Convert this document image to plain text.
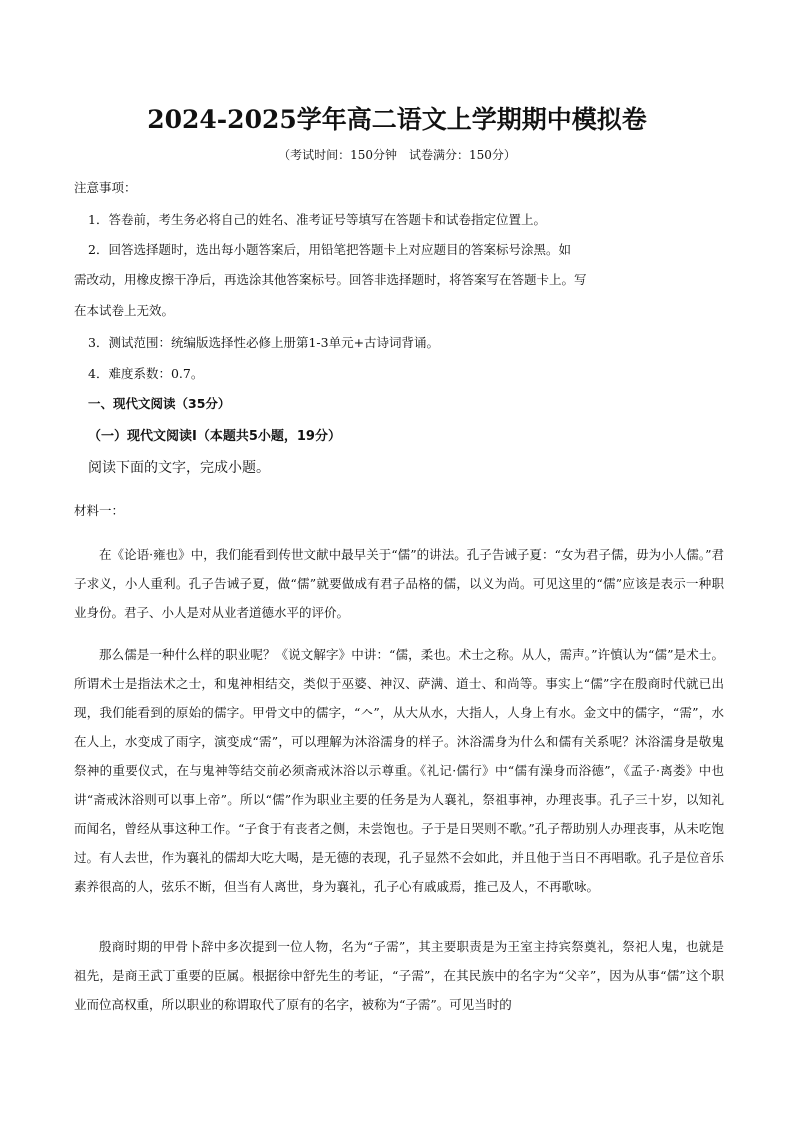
2024-2025学年高二语文上学期期中模拟卷
（考试时间：150分钟　试卷满分：150分）
注意事项：
1．答卷前，考生务必将自己的姓名、准考证号等填写在答题卡和试卷指定位置上。
2．回答选择题时，选出每小题答案后，用铅笔把答题卡上对应题目的答案标号涂黑。如
需改动，用橡皮擦干净后，再选涂其他答案标号。回答非选择题时，将答案写在答题卡上。写
在本试卷上无效。
3．测试范围：统编版选择性必修上册第1-3单元+古诗词背诵。
4．难度系数：0.7。
一、现代文阅读（35分）
（一）现代文阅读Ⅰ（本题共5小题，19分）
阅读下面的文字，完成小题。
材料一：

在《论语·雍也》中，我们能看到传世文献中最早关于“儒”的讲法。孔子告诫子夏：“女为君子儒，毋为小人儒。”君子求义，小人重利。孔子告诫子夏，做“儒”就要做成有君子品格的儒，以义为尚。可见这里的“儒”应该是表示一种职业身份。君子、小人是对从业者道德水平的评价。

那么儒是一种什么样的职业呢？《说文解字》中讲：“儒，柔也。术士之称。从人，需声。”许慎认为“儒”是术士。所谓术士是指法术之士，和鬼神相结交，类似于巫婆、神汉、萨满、道士、和尚等。事实上“儒”字在殷商时代就已出现，我们能看到的原始的儒字。甲骨文中的儒字，“𠆢”，从大从水，大指人，人身上有水。金文中的儒字，“需”，水在人上，水变成了雨字，演变成“需”，可以理解为沐浴濡身的样子。沐浴濡身为什么和儒有关系呢？沐浴濡身是敬鬼祭神的重要仪式，在与鬼神等结交前必须斋戒沐浴以示尊重。《礼记·儒行》中“儒有澡身而浴德”，《孟子·离娄》中也讲“斋戒沐浴则可以事上帝”。所以“儒”作为职业主要的任务是为人襄礼，祭祖事神，办理丧事。孔子三十岁，以知礼而闻名，曾经从事这种工作。“子食于有丧者之侧，未尝饱也。子于是日哭则不歌。”孔子帮助别人办理丧事，从未吃饱过。有人去世，作为襄礼的儒却大吃大喝，是无德的表现，孔子显然不会如此，并且他于当日不再唱歌。孔子是位音乐素养很高的人，弦乐不断，但当有人离世，身为襄礼，孔子心有戚戚焉，推己及人，不再歌咏。

殷商时期的甲骨卜辞中多次提到一位人物，名为“子需”，其主要职责是为王室主持宾祭奠礼，祭祀人鬼，也就是祖先，是商王武丁重要的臣属。根据徐中舒先生的考证，“子需”，在其民族中的名字为“父辛”，因为从事“儒”这个职业而位高权重，所以职业的称谓取代了原有的名字，被称为“子需”。可见当时的
